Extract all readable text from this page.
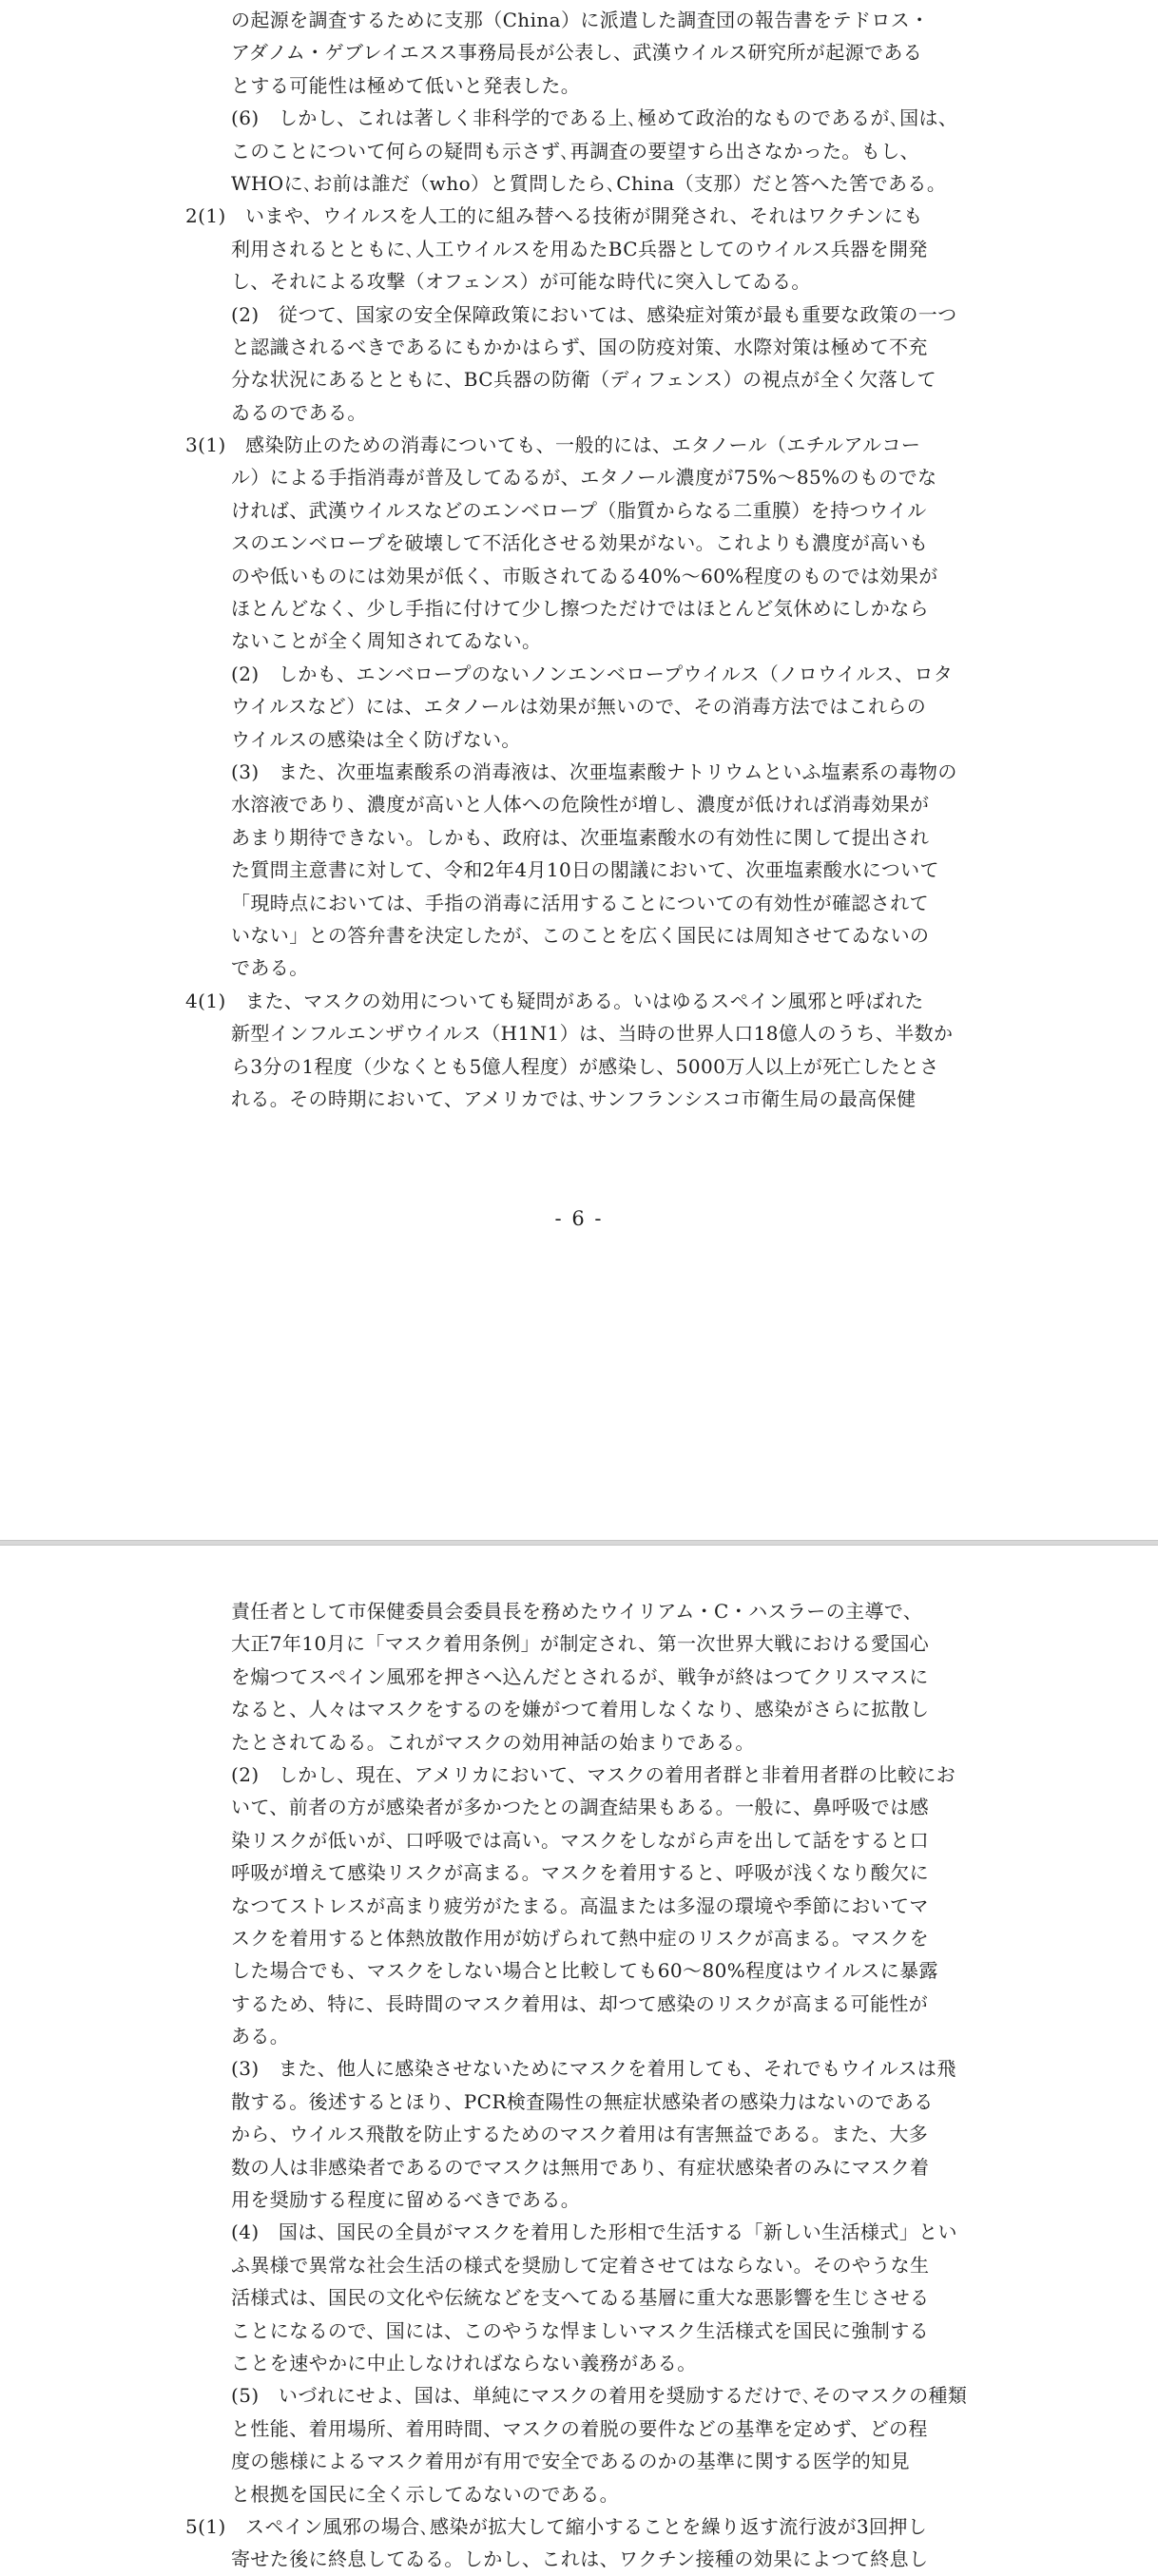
の起源を調査するために支那（China）に派遣した調査団の報告書をテドロス・
アダノム・ゲブレイエスス事務局長が公表し、武漢ウイルス研究所が起源である
とする可能性は極めて低いと発表した。
(6)　しかし、これは著しく非科学的である上､極めて政治的なものであるが､国は、
このことについて何らの疑問も示さず､再調査の要望すら出さなかった。もし、
WHOに､お前は誰だ（who）と質問したら､China（支那）だと答へた筈である。
2(1)　いまや、ウイルスを人工的に組み替へる技術が開発され、それはワクチンにも
利用されるとともに､人工ウイルスを用ゐたBC兵器としてのウイルス兵器を開発
し、それによる攻撃（オフェンス）が可能な時代に突入してゐる。
(2)　従つて、国家の安全保障政策においては、感染症対策が最も重要な政策の一つ
と認識されるべきであるにもかかはらず、国の防疫対策、水際対策は極めて不充
分な状況にあるとともに、BC兵器の防衛（ディフェンス）の視点が全く欠落して
ゐるのである。
3(1)　感染防止のための消毒についても、一般的には、エタノール（エチルアルコー
ル）による手指消毒が普及してゐるが、エタノール濃度が75%～85%のものでな
ければ、武漢ウイルスなどのエンベロープ（脂質からなる二重膜）を持つウイル
スのエンベロープを破壊して不活化させる効果がない。これよりも濃度が高いも
のや低いものには効果が低く、市販されてゐる40%～60%程度のものでは効果が
ほとんどなく、少し手指に付けて少し擦つただけではほとんど気休めにしかなら
ないことが全く周知されてゐない。
(2)　しかも、エンベロープのないノンエンベロープウイルス（ノロウイルス、ロタ
ウイルスなど）には、エタノールは効果が無いので、その消毒方法ではこれらの
ウイルスの感染は全く防げない。
(3)　また、次亜塩素酸系の消毒液は、次亜塩素酸ナトリウムといふ塩素系の毒物の
水溶液であり、濃度が高いと人体への危険性が増し、濃度が低ければ消毒効果が
あまり期待できない。しかも、政府は、次亜塩素酸水の有効性に関して提出され
た質問主意書に対して、令和2年4月10日の閣議において、次亜塩素酸水について
「現時点においては、手指の消毒に活用することについての有効性が確認されて
いない」との答弁書を決定したが、このことを広く国民には周知させてゐないの
である。
4(1)　また、マスクの効用についても疑問がある。いはゆるスペイン風邪と呼ばれた
新型インフルエンザウイルス（H1N1）は、当時の世界人口18億人のうち、半数か
ら3分の1程度（少なくとも5億人程度）が感染し、5000万人以上が死亡したとさ
れる。その時期において、アメリカでは､サンフランシスコ市衛生局の最高保健
- 6 -
責任者として市保健委員会委員長を務めたウイリアム・C・ハスラーの主導で、
大正7年10月に「マスク着用条例」が制定され、第一次世界大戦における愛国心
を煽つてスペイン風邪を押さへ込んだとされるが、戦争が終はつてクリスマスに
なると、人々はマスクをするのを嫌がつて着用しなくなり、感染がさらに拡散し
たとされてゐる。これがマスクの効用神話の始まりである。
(2)　しかし、現在、アメリカにおいて、マスクの着用者群と非着用者群の比較にお
いて、前者の方が感染者が多かつたとの調査結果もある。一般に、鼻呼吸では感
染リスクが低いが、口呼吸では高い。マスクをしながら声を出して話をすると口
呼吸が増えて感染リスクが高まる。マスクを着用すると、呼吸が浅くなり酸欠に
なつてストレスが高まり疲労がたまる。高温または多湿の環境や季節においてマ
スクを着用すると体熱放散作用が妨げられて熱中症のリスクが高まる。マスクを
した場合でも、マスクをしない場合と比較しても60～80%程度はウイルスに暴露
するため、特に、長時間のマスク着用は、却つて感染のリスクが高まる可能性が
ある。
(3)　また、他人に感染させないためにマスクを着用しても、それでもウイルスは飛
散する。後述するとほり、PCR検査陽性の無症状感染者の感染力はないのである
から、ウイルス飛散を防止するためのマスク着用は有害無益である。また、大多
数の人は非感染者であるのでマスクは無用であり、有症状感染者のみにマスク着
用を奨励する程度に留めるべきである。
(4)　国は、国民の全員がマスクを着用した形相で生活する「新しい生活様式」とい
ふ異様で異常な社会生活の様式を奨励して定着させてはならない。そのやうな生
活様式は、国民の文化や伝統などを支へてゐる基層に重大な悪影響を生じさせる
ことになるので、国には、このやうな悍ましいマスク生活様式を国民に強制する
ことを速やかに中止しなければならない義務がある。
(5)　いづれにせよ、国は、単純にマスクの着用を奨励するだけで､そのマスクの種類
と性能、着用場所、着用時間、マスクの着脱の要件などの基準を定めず、どの程
度の態様によるマスク着用が有用で安全であるのかの基準に関する医学的知見
と根拠を国民に全く示してゐないのである。
5(1)　スペイン風邪の場合､感染が拡大して縮小することを繰り返す流行波が3回押し
寄せた後に終息してゐる。しかし、これは、ワクチン接種の効果によつて終息し
